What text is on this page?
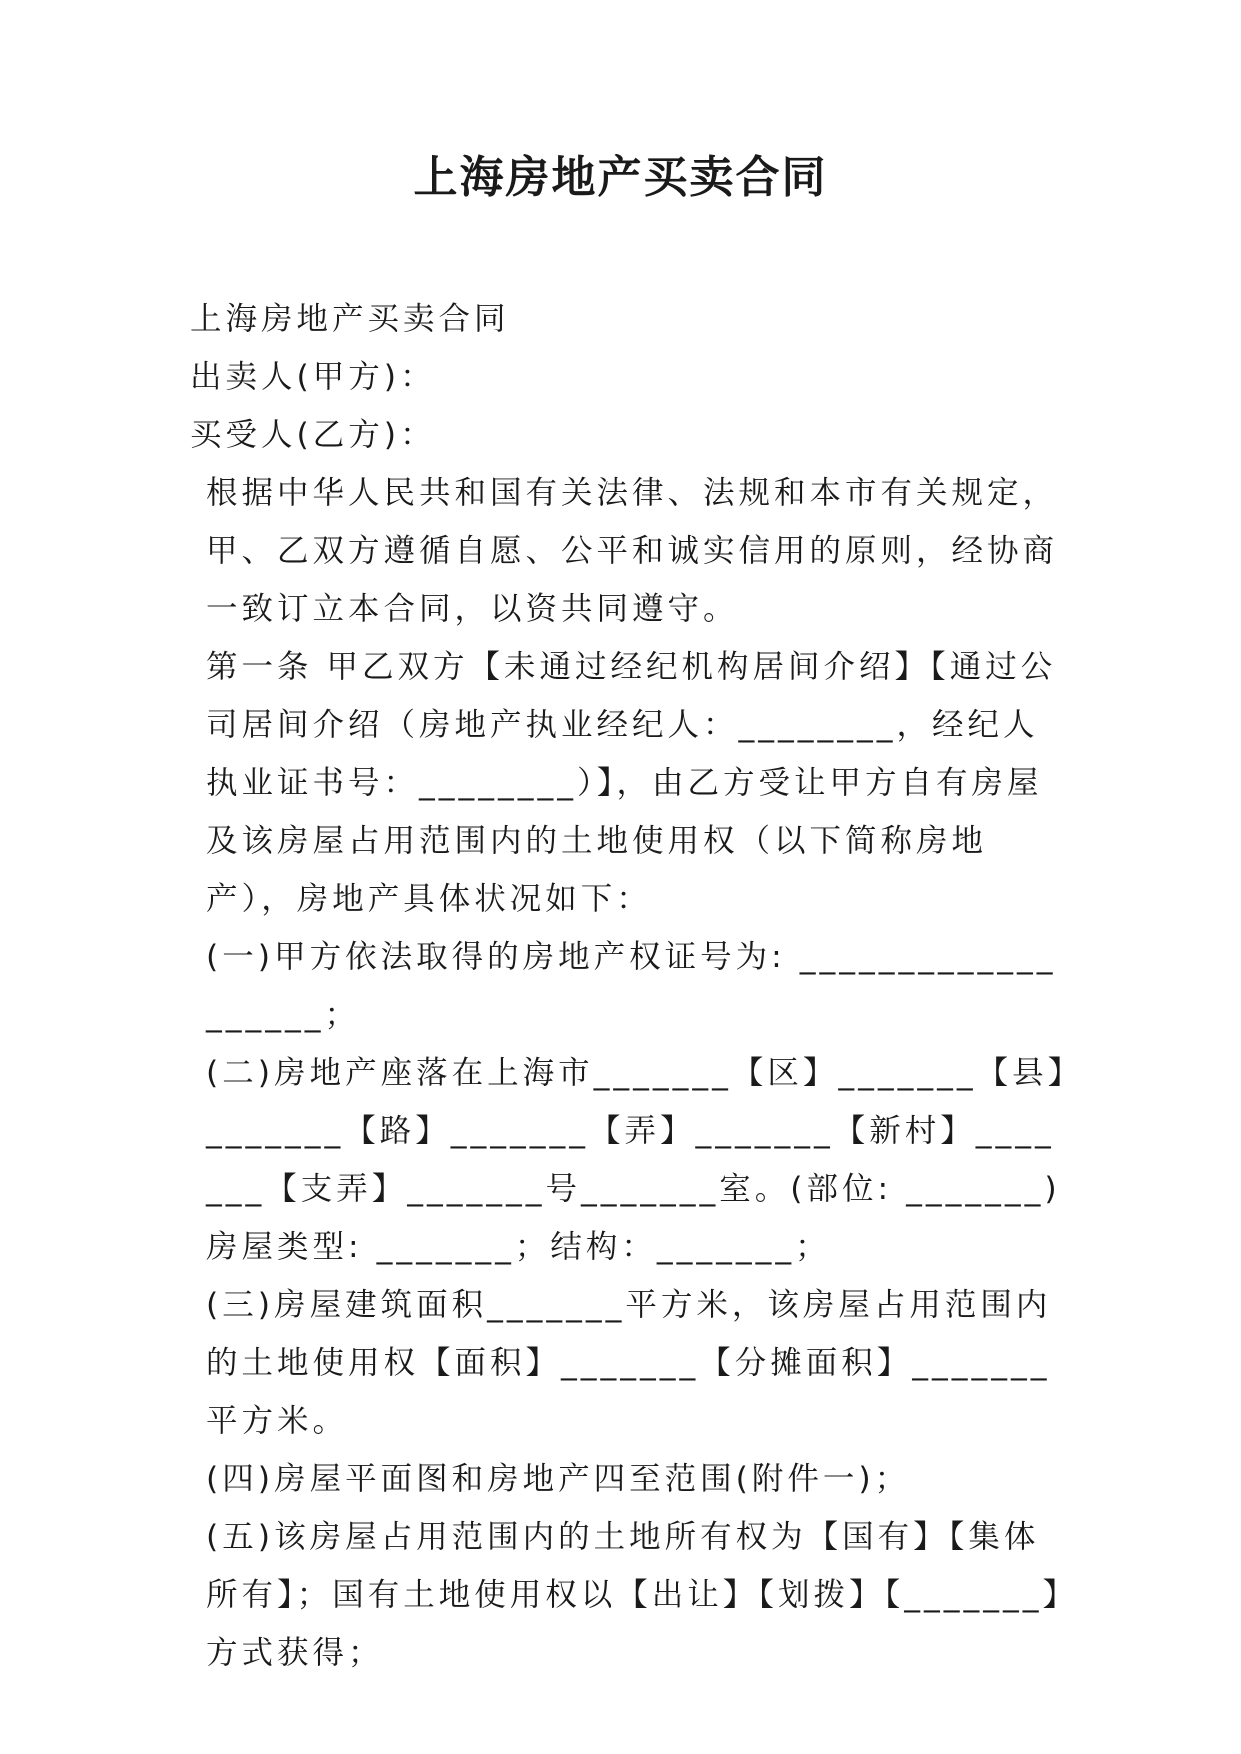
上海房地产买卖合同

上海房地产买卖合同

出卖人(甲方)：

买受人(乙方)：

根据中华人民共和国有关法律、法规和本市有关规定，甲、乙双方遵循自愿、公平和诚实信用的原则，经协商一致订立本合同，以资共同遵守。

第一条 甲乙双方【未通过经纪机构居间介绍】【通过公司居间介绍（房地产执业经纪人：________，经纪人执业证书号：________）】，由乙方受让甲方自有房屋及该房屋占用范围内的土地使用权（以下简称房地产），房地产具体状况如下：

(一)甲方依法取得的房地产权证号为: ___________________；

(二)房地产座落在上海市_______【区】_______【县】_______【路】_______【弄】_______【新村】_______【支弄】_______号_______室。(部位: _______)房屋类型: _______；结构：_______；

(三)房屋建筑面积_______平方米，该房屋占用范围内的土地使用权【面积】_______【分摊面积】_______平方米。

(四)房屋平面图和房地产四至范围(附件一)；

(五)该房屋占用范围内的土地所有权为【国有】【集体所有】；国有土地使用权以【出让】【划拨】【_______】方式获得；
